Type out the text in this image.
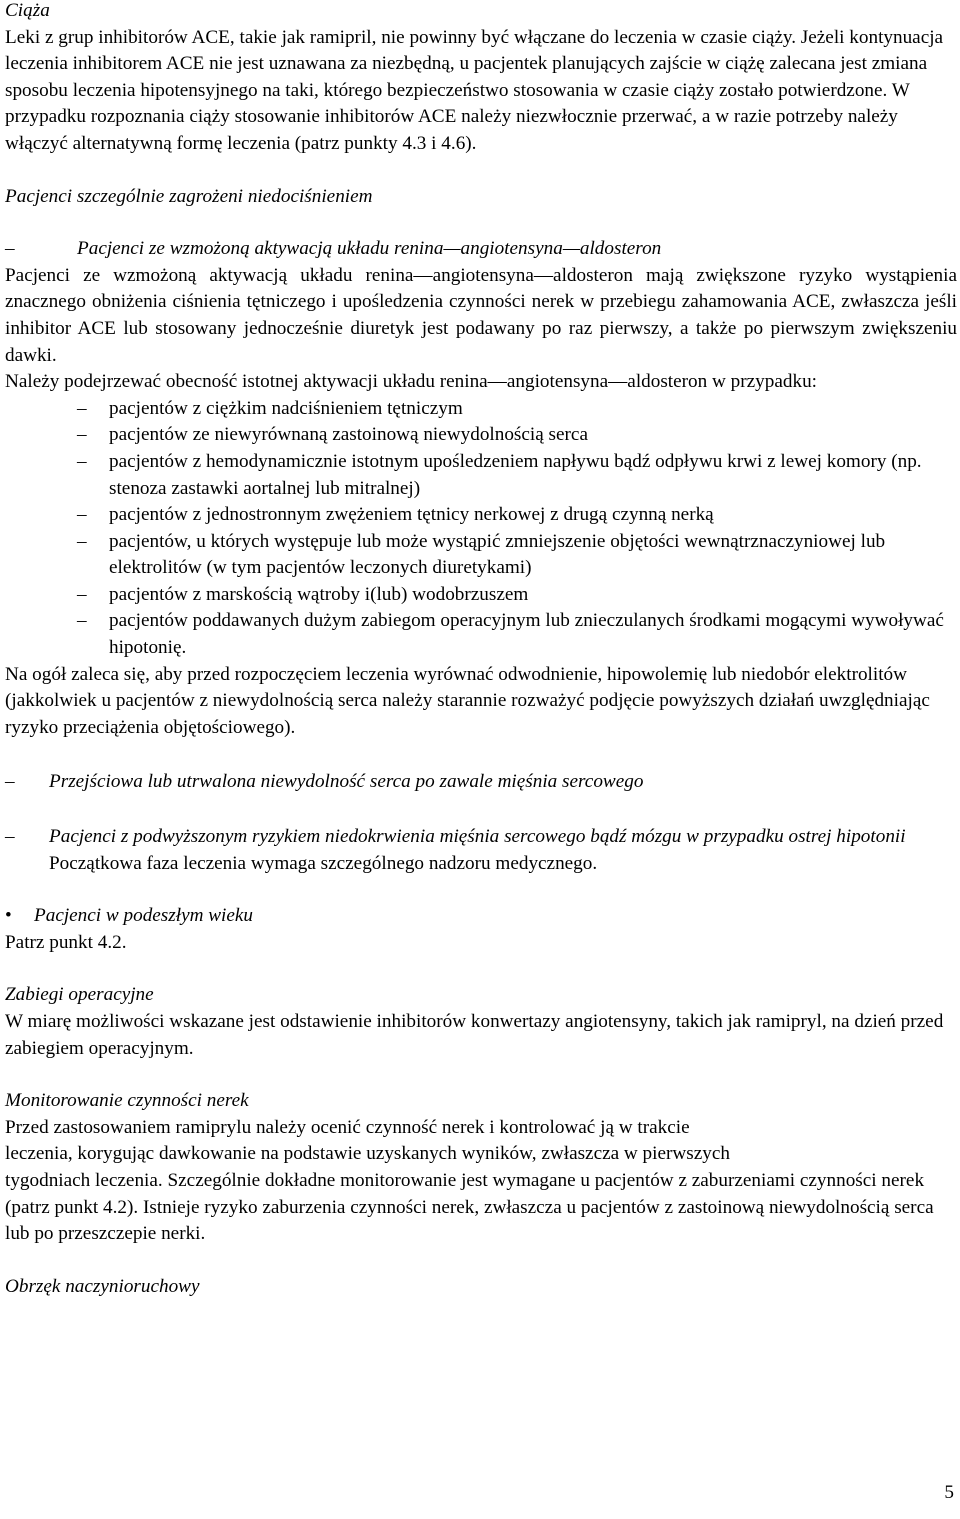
Ciąża

Leki z grup inhibitorów ACE, takie jak ramipril, nie powinny być włączane do leczenia w czasie ciąży. Jeżeli kontynuacja leczenia inhibitorem ACE nie jest uznawana za niezbędną, u pacjentek planujących zajście w ciążę zalecana jest zmiana sposobu leczenia hipotensyjnego na taki, którego bezpieczeństwo stosowania w czasie ciąży zostało potwierdzone. W przypadku rozpoznania ciąży stosowanie inhibitorów ACE należy niezwłocznie przerwać, a w razie potrzeby należy włączyć alternatywną formę leczenia (patrz punkty 4.3 i 4.6).

Pacjenci szczególnie zagrożeni niedociśnieniem

–	Pacjenci ze wzmożoną aktywacją układu renina—angiotensyna—aldosteron

Pacjenci ze wzmożoną aktywacją układu renina—angiotensyna—aldosteron mają zwiększone ryzyko wystąpienia znacznego obniżenia ciśnienia tętniczego i upośledzenia czynności nerek w przebiegu zahamowania ACE, zwłaszcza jeśli inhibitor ACE lub stosowany jednocześnie diuretyk jest podawany po raz pierwszy, a także po pierwszym zwiększeniu dawki.

Należy podejrzewać obecność istotnej aktywacji układu renina—angiotensyna—aldosteron w przypadku:

–	pacjentów z ciężkim nadciśnieniem tętniczym
–	pacjentów ze niewyrównaną zastoinową niewydolnością serca
–	pacjentów z hemodynamicznie istotnym upośledzeniem napływu bądź odpływu krwi z lewej komory (np. stenoza zastawki aortalnej lub mitralnej)
–	pacjentów z jednostronnym zwężeniem tętnicy nerkowej z drugą czynną nerką
–	pacjentów, u których występuje lub może wystąpić zmniejszenie objętości wewnątrznaczyniowej lub elektrolitów (w tym pacjentów leczonych diuretykami)
–	pacjentów z marskością wątroby i(lub) wodobrzuszem
–	pacjentów poddawanych dużym zabiegom operacyjnym lub znieczulanych środkami mogącymi wywoływać hipotonię.

Na ogół zaleca się, aby przed rozpoczęciem leczenia wyrównać odwodnienie, hipowolemię lub niedobór elektrolitów (jakkolwiek u pacjentów z niewydolnością serca należy starannie rozważyć podjęcie powyższych działań uwzględniając ryzyko przeciążenia objętościowego).

–	Przejściowa lub utrwalona niewydolność serca po zawale mięśnia sercowego
–	Pacjenci z podwyższonym ryzykiem niedokrwienia mięśnia sercowego bądź mózgu w przypadku ostrej hipotonii

Początkowa faza leczenia wymaga szczególnego nadzoru medycznego.

•	Pacjenci w podeszłym wieku

Patrz punkt 4.2.

Zabiegi operacyjne

W miarę możliwości wskazane jest odstawienie inhibitorów konwertazy angiotensyny, takich jak ramipryl, na dzień przed zabiegiem operacyjnym.

Monitorowanie czynności nerek

Przed zastosowaniem ramiprylu należy ocenić czynność nerek i kontrolować ją w trakcie

leczenia, korygując dawkowanie na podstawie uzyskanych wyników, zwłaszcza w pierwszych

tygodniach leczenia. Szczególnie dokładne monitorowanie jest wymagane u pacjentów z zaburzeniami czynności nerek (patrz punkt 4.2). Istnieje ryzyko zaburzenia czynności nerek, zwłaszcza u pacjentów z zastoinową niewydolnością serca lub po przeszczepie nerki.

Obrzęk naczynioruchowy

5
